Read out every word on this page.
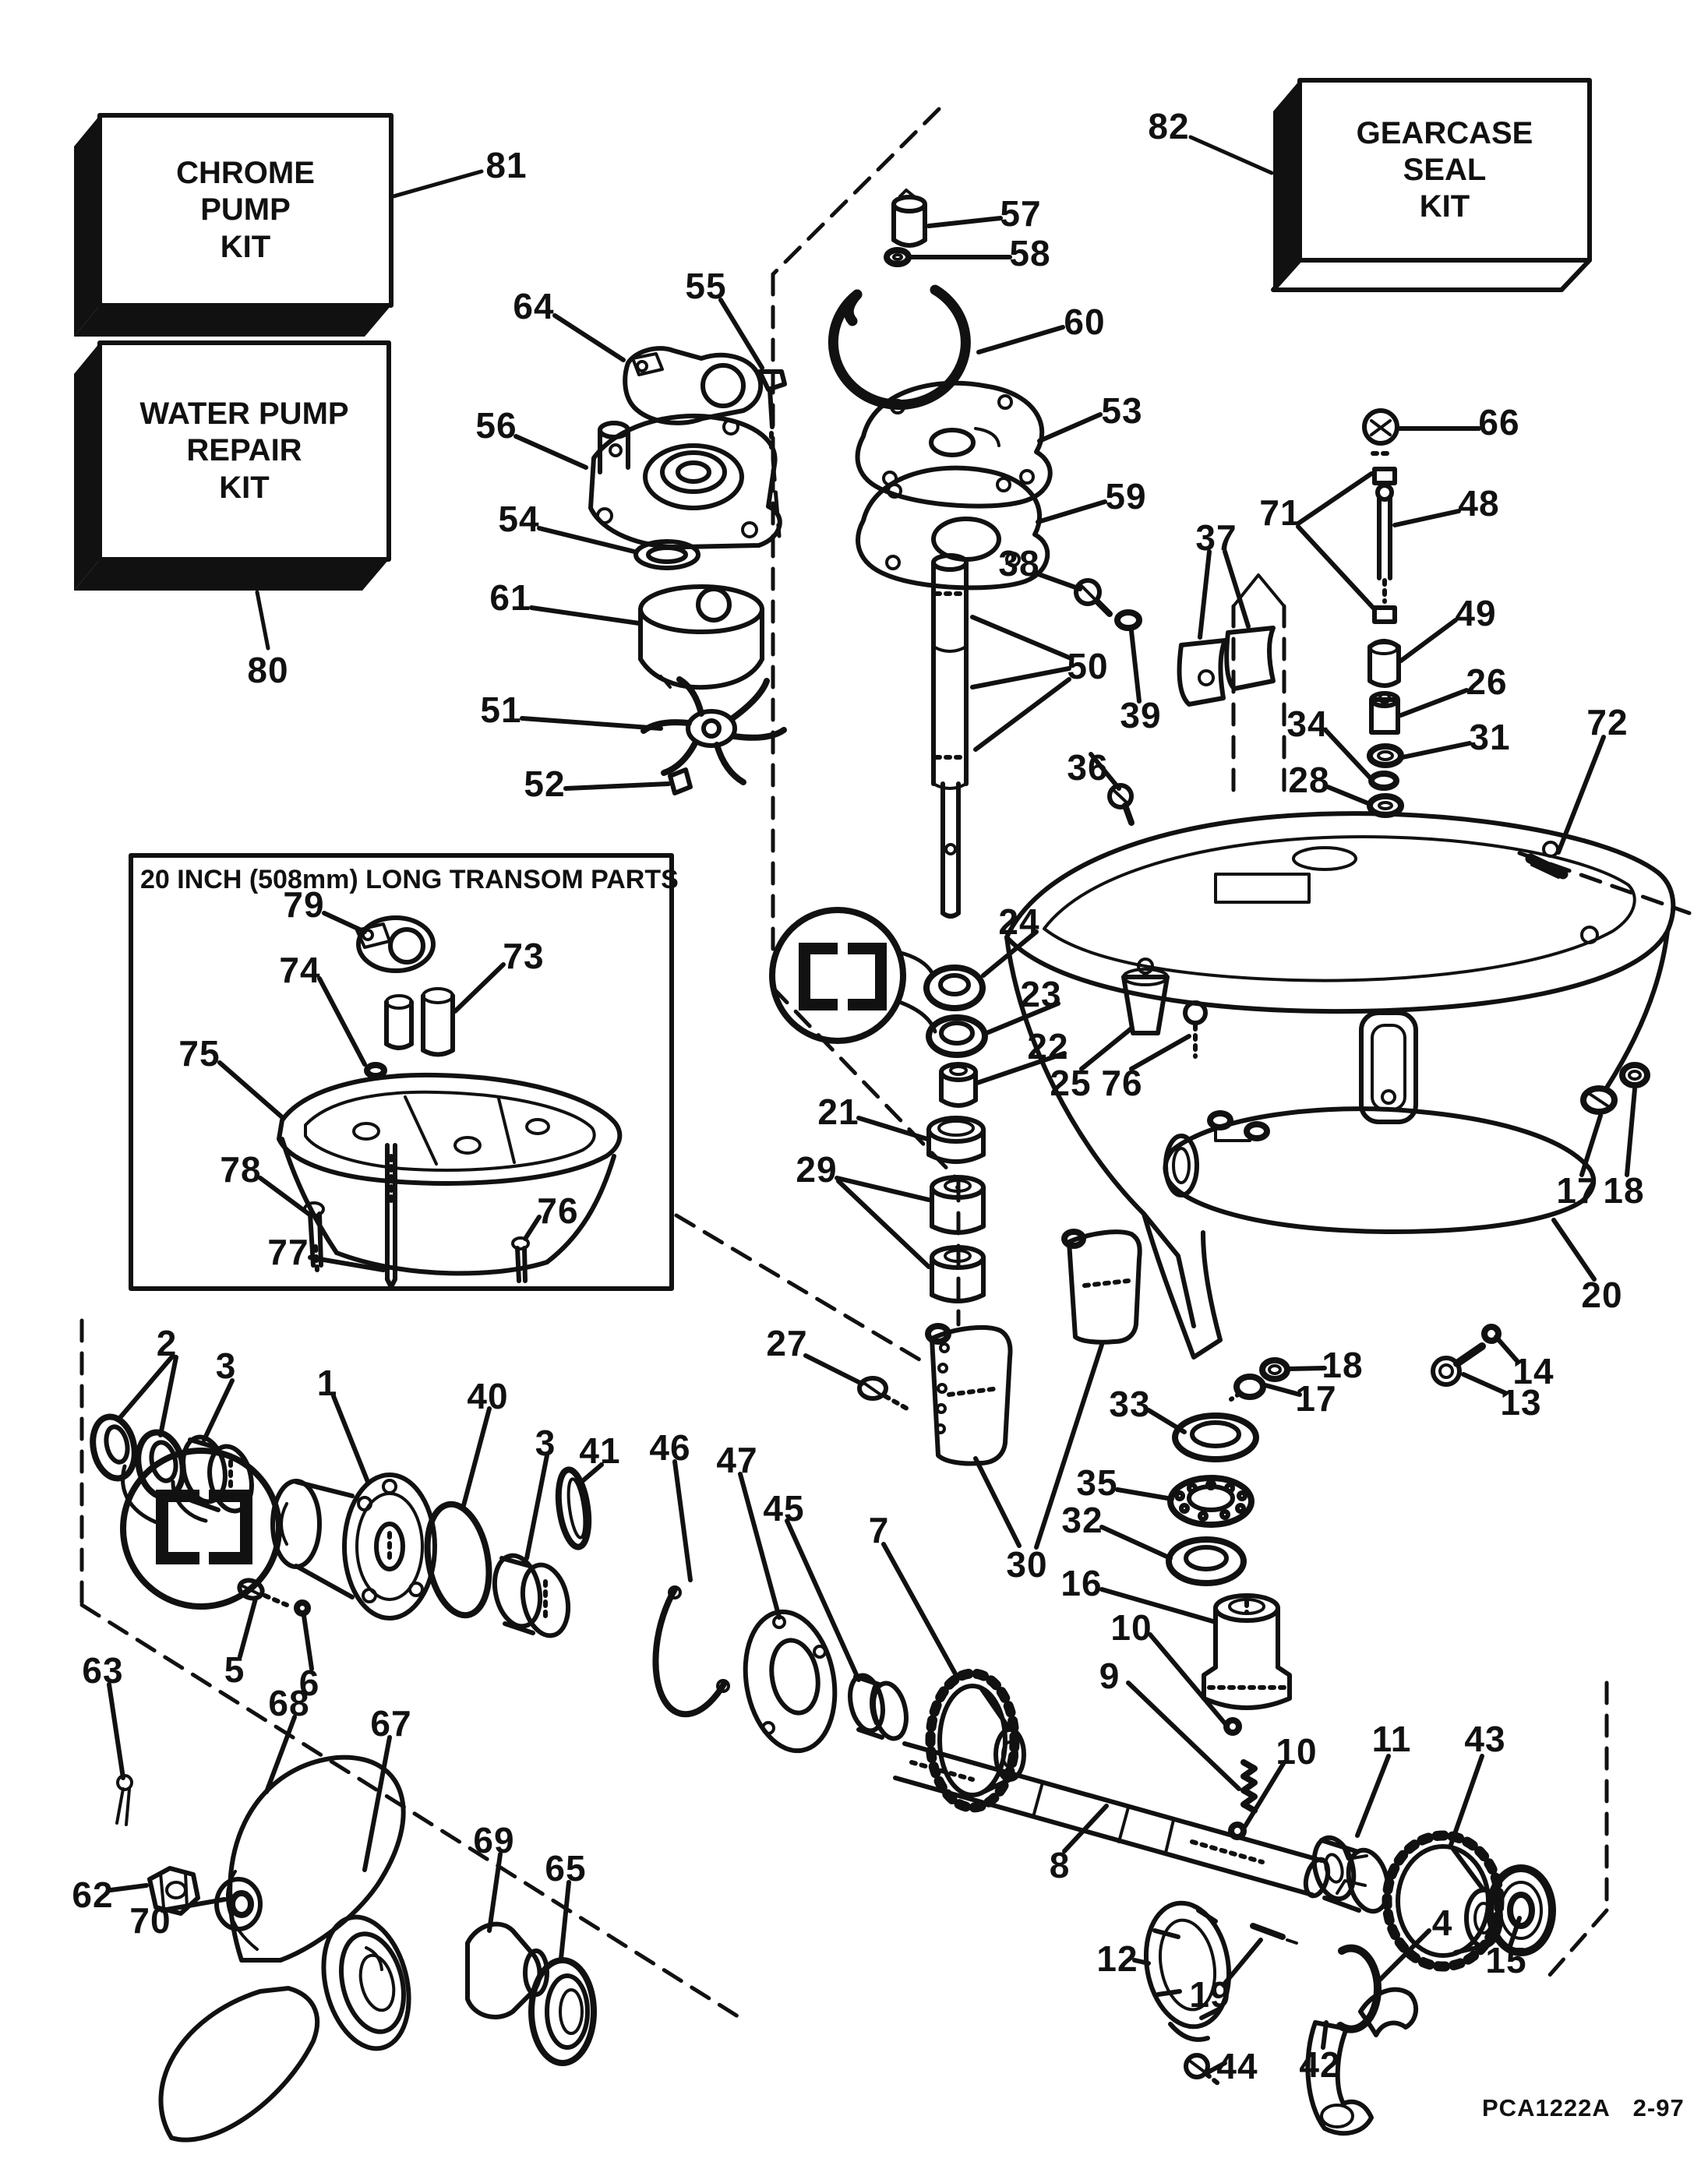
CHROME
PUMP
KIT
WATER PUMP
REPAIR
KIT
GEARCASE
SEAL
KIT
20 INCH (508mm) LONG TRANSOM PARTS
81
80
82
64	55
56
54
61
51
52
57
58
60
53
59
38
50
39
36
37
71
66
48
49
26
34	31 72
28
24
23
22
25 76
21
29
17 18
20
18
17
14
13
79
73
74
75
78
76
77
27
30
2
3 1	40
3 41 46 47
45
7
5 6
33
35
32
16
10
9
10 11 43
8
12
19
44 42
4
15
63
68 67
62
70
69
65
PCA1222A 2-97
